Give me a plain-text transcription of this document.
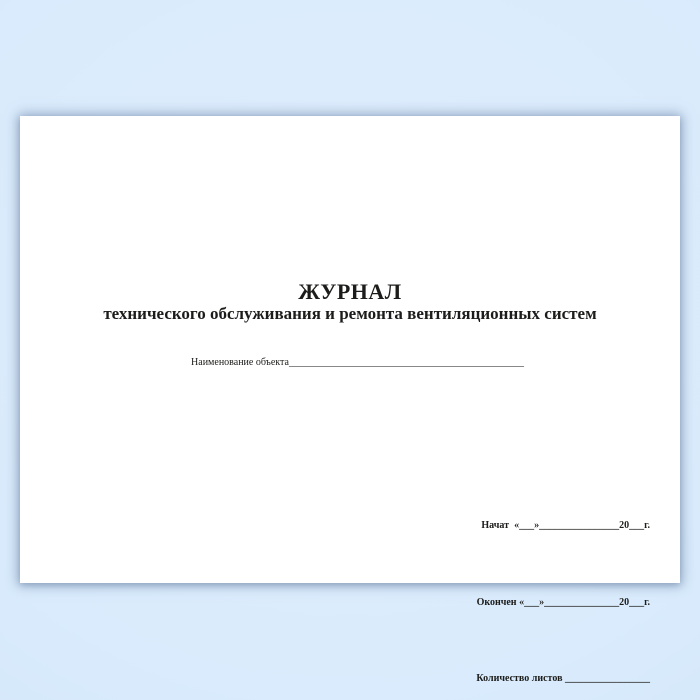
ЖУРНАЛ
технического обслуживания и ремонта вентиляционных систем

Наименование объекта_______________________________________________

Начат  «___»________________20___г.

Окончен «___»_______________20___г.

Количество листов _________________
